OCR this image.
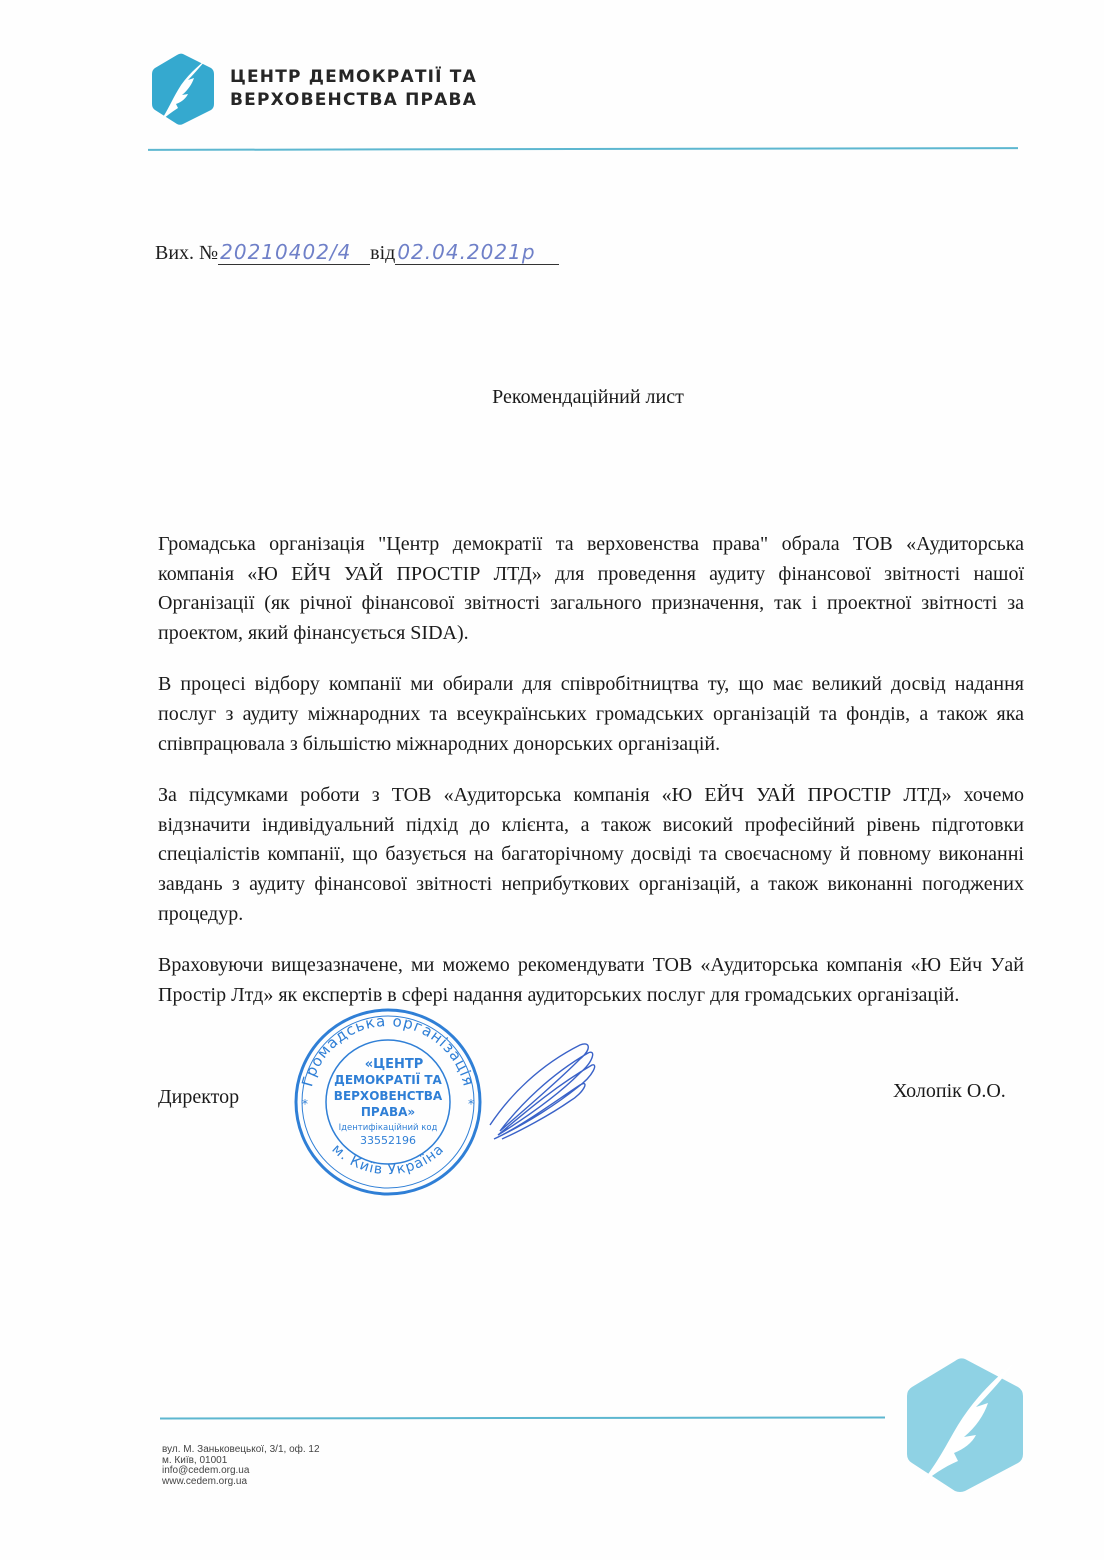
ЦЕНТР ДЕМОКРАТІЇ ТА
ВЕРХОВЕНСТВА ПРАВА
Вих. № 20210402/4 від 02.04.2021р
Рекомендаційний лист

Громадська організація "Центр демократії та верховенства права" обрала ТОВ «Аудиторська компанія «Ю ЕЙЧ УАЙ ПРОСТІР ЛТД» для проведення аудиту фінансової звітності нашої Організації (як річної фінансової звітності загального призначення, так і проектної звітності за проектом, який фінансується SIDA).

В процесі відбору компанії ми обирали для співробітництва ту, що має великий досвід надання послуг з аудиту міжнародних та всеукраїнських громадських організацій та фондів, а також яка співпрацювала з більшістю міжнародних донорських організацій.

За підсумками роботи з ТОВ «Аудиторська компанія «Ю ЕЙЧ УАЙ ПРОСТІР ЛТД» хочемо відзначити індивідуальний підхід до клієнта, а також високий професійний рівень підготовки спеціалістів компанії, що базується на багаторічному досвіді та своєчасному й повному виконанні завдань з аудиту фінансової звітності неприбуткових організацій, а також виконанні погоджених процедур.

Враховуючи вищезазначене, ми можемо рекомендувати ТОВ «Аудиторська компанія «Ю Ейч Уай Простір Лтд» як експертів в сфері надання аудиторських послуг для громадських організацій.

Директор
Громадська організація
м. Київ Україна
*	*
«ЦЕНТР
ДЕМОКРАТІЇ ТА
ВЕРХОВЕНСТВА
ПРАВА»
Ідентифікаційний код
33552196
Холопік О.О.
вул. М. Заньковецької, 3/1, оф. 12
м. Київ, 01001
info@cedem.org.ua
www.cedem.org.ua
